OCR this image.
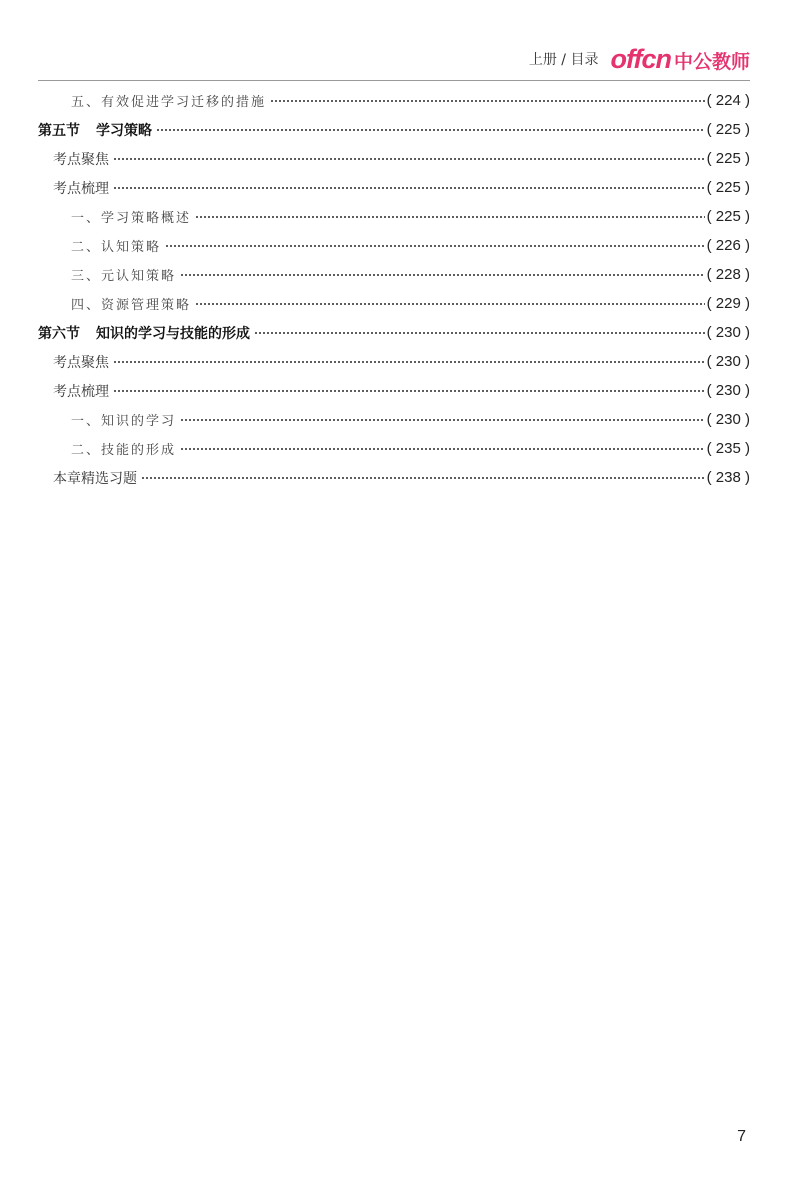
上册 / 目录 offcn 中公教师
五、有效促进学习迁移的措施	( 224 )
第五节 学习策略	( 225 )
考点聚焦	( 225 )
考点梳理	( 225 )
一、学习策略概述	( 225 )
二、认知策略	( 226 )
三、元认知策略	( 228 )
四、资源管理策略	( 229 )
第六节 知识的学习与技能的形成	( 230 )
考点聚焦	( 230 )
考点梳理	( 230 )
一、知识的学习	( 230 )
二、技能的形成	( 235 )
本章精选习题	( 238 )
7
